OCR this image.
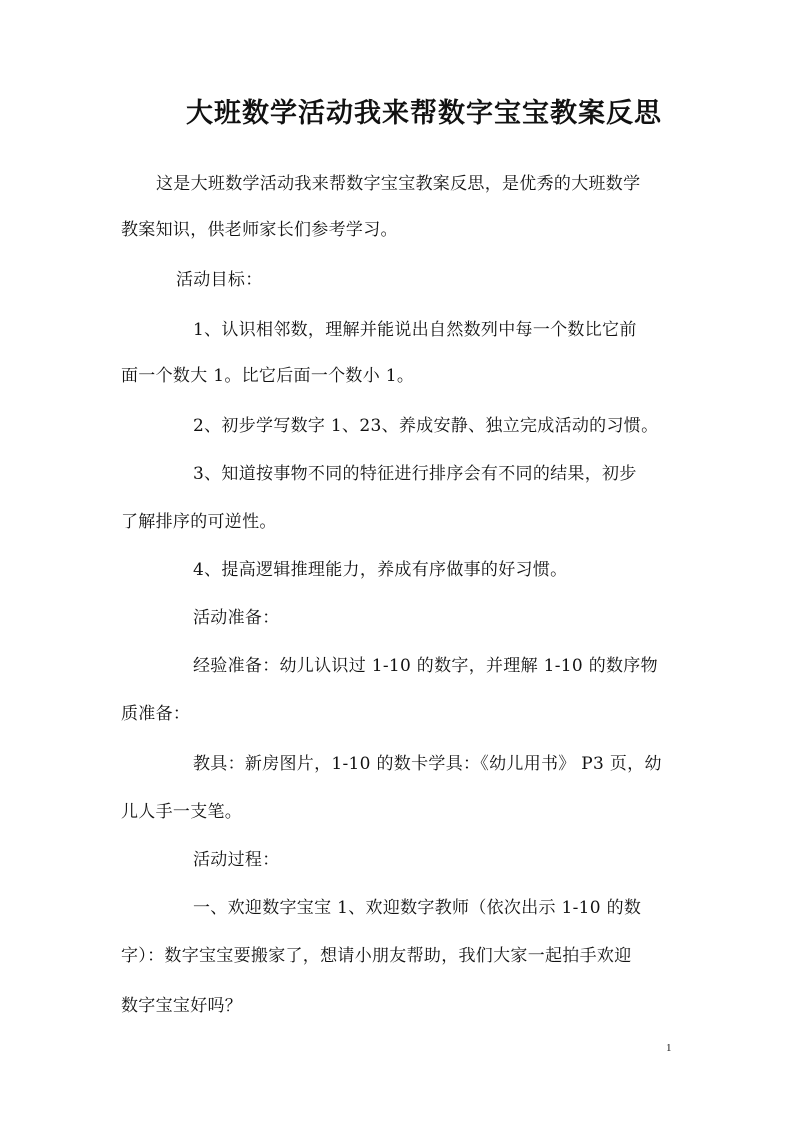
大班数学活动我来帮数字宝宝教案反思
这是大班数学活动我来帮数字宝宝教案反思，是优秀的大班数学
教案知识，供老师家长们参考学习。
活动目标：
1、认识相邻数，理解并能说出自然数列中每一个数比它前
面一个数大 1。比它后面一个数小 1。
2、初步学写数字 1、23、养成安静、独立完成活动的习惯。
3、知道按事物不同的特征进行排序会有不同的结果，初步
了解排序的可逆性。
4、提高逻辑推理能力，养成有序做事的好习惯。
活动准备：
经验准备：幼儿认识过 1-10 的数字，并理解 1-10 的数序物
质准备：
教具：新房图片，1-10 的数卡学具：《幼儿用书》 P3 页，幼
儿人手一支笔。
活动过程：
一、欢迎数字宝宝 1、欢迎数字教师（依次出示 1-10 的数
字）：数字宝宝要搬家了，想请小朋友帮助，我们大家一起拍手欢迎
数字宝宝好吗？
1
